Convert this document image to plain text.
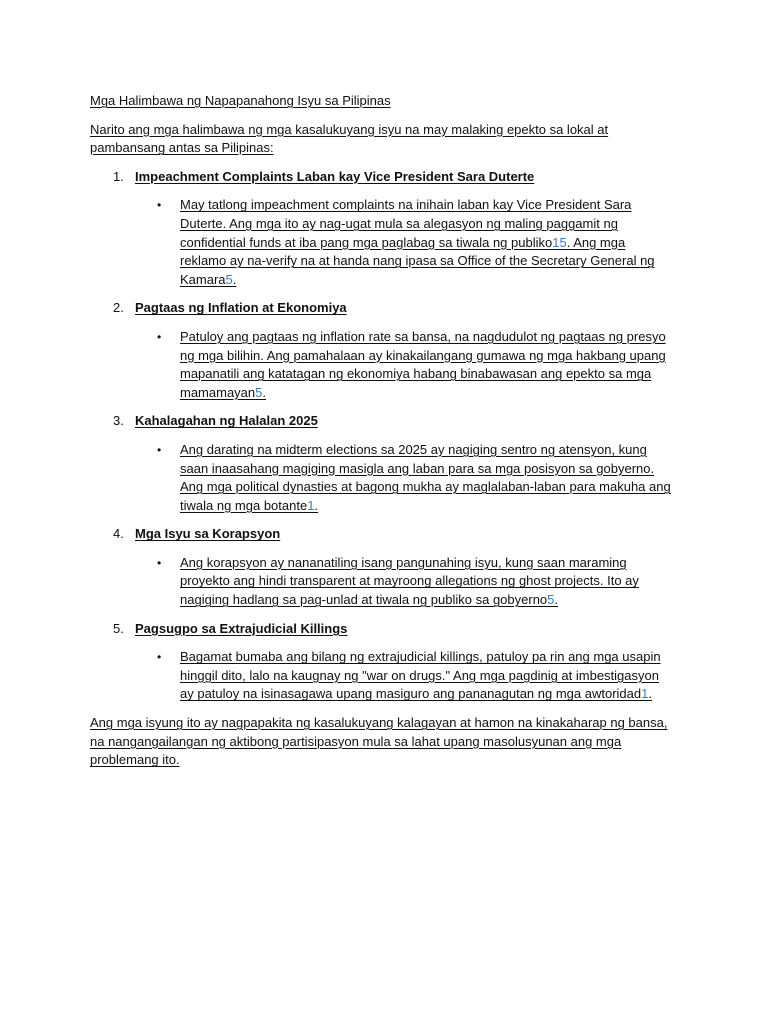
Mga Halimbawa ng Napapanahong Isyu sa Pilipinas

Narito ang mga halimbawa ng mga kasalukuyang isyu na may malaking epekto sa lokal at pambansang antas sa Pilipinas:

1. Impeachment Complaints Laban kay Vice President Sara Duterte
•	May tatlong impeachment complaints na inihain laban kay Vice President Sara Duterte. Ang mga ito ay nag-ugat mula sa alegasyon ng maling paggamit ng confidential funds at iba pang mga paglabag sa tiwala ng publiko15. Ang mga reklamo ay na-verify na at handa nang ipasa sa Office of the Secretary General ng Kamara5.
2. Pagtaas ng Inflation at Ekonomiya
•	Patuloy ang pagtaas ng inflation rate sa bansa, na nagdudulot ng pagtaas ng presyo ng mga bilihin. Ang pamahalaan ay kinakailangang gumawa ng mga hakbang upang mapanatili ang katatagan ng ekonomiya habang binabawasan ang epekto sa mga mamamayan5.
3. Kahalagahan ng Halalan 2025
•	Ang darating na midterm elections sa 2025 ay nagiging sentro ng atensyon, kung saan inaasahang magiging masigla ang laban para sa mga posisyon sa gobyerno. Ang mga political dynasties at bagong mukha ay maglalaban-laban para makuha ang tiwala ng mga botante1.
4. Mga Isyu sa Korapsyon
•	Ang korapsyon ay nananatiling isang pangunahing isyu, kung saan maraming proyekto ang hindi transparent at mayroong allegations ng ghost projects. Ito ay nagiging hadlang sa pag-unlad at tiwala ng publiko sa gobyerno5.
5. Pagsugpo sa Extrajudicial Killings
•	Bagamat bumaba ang bilang ng extrajudicial killings, patuloy pa rin ang mga usapin hinggil dito, lalo na kaugnay ng "war on drugs." Ang mga pagdinig at imbestigasyon ay patuloy na isinasagawa upang masiguro ang pananagutan ng mga awtoridad1.

Ang mga isyung ito ay nagpapakita ng kasalukuyang kalagayan at hamon na kinakaharap ng bansa, na nangangailangan ng aktibong partisipasyon mula sa lahat upang masolusyunan ang mga problemang ito.
